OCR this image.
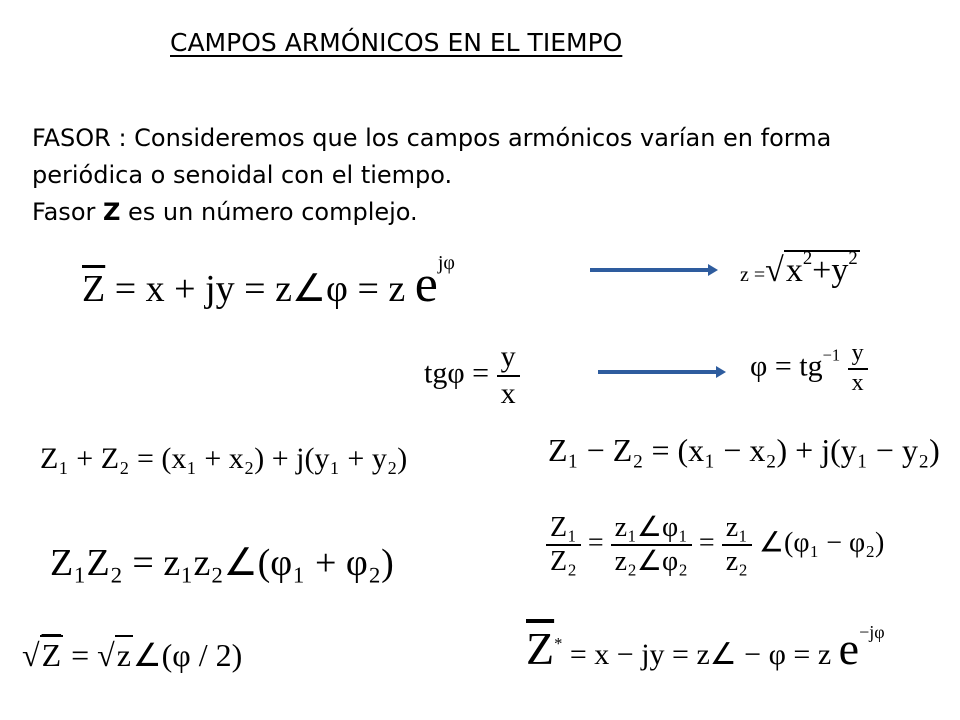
CAMPOS ARMÓNICOS EN EL TIEMPO
FASOR : Consideremos que los campos armónicos varían en forma
periódica o senoidal con el tiempo.
Fasor Z es un número complejo.
$\overline{Z} = x$ + jy = z∠φ = z $e^{j\varphi}$
$z =√x^2+y^2$
$tg\varphi = \frac{y}{x}$	$\varphi = tg^{-1} \frac{y}{x}$
Z₁ + Z₂ = (x₁ + x₂) + j(y₁ + y₂)	Z₁ − Z₂ = (x₁ − x₂) + j(y₁ − y₂)
Z₁Z₂ = z₁z₂∠(φ₁ + φ₂)	$\frac{\text{Z₁}}{\text{Z₂}} = \frac{\text{z₁∠φ₁}}{\text{z₂∠φ₂}} = \frac{\text{z₁}}{\text{z₂}}$ ∠(φ₁ − φ₂)
√Z = √z∠(φ / 2)	$\overline{Z}^* = x$ − jy = z∠ − φ = z $e^{-j\varphi}$
